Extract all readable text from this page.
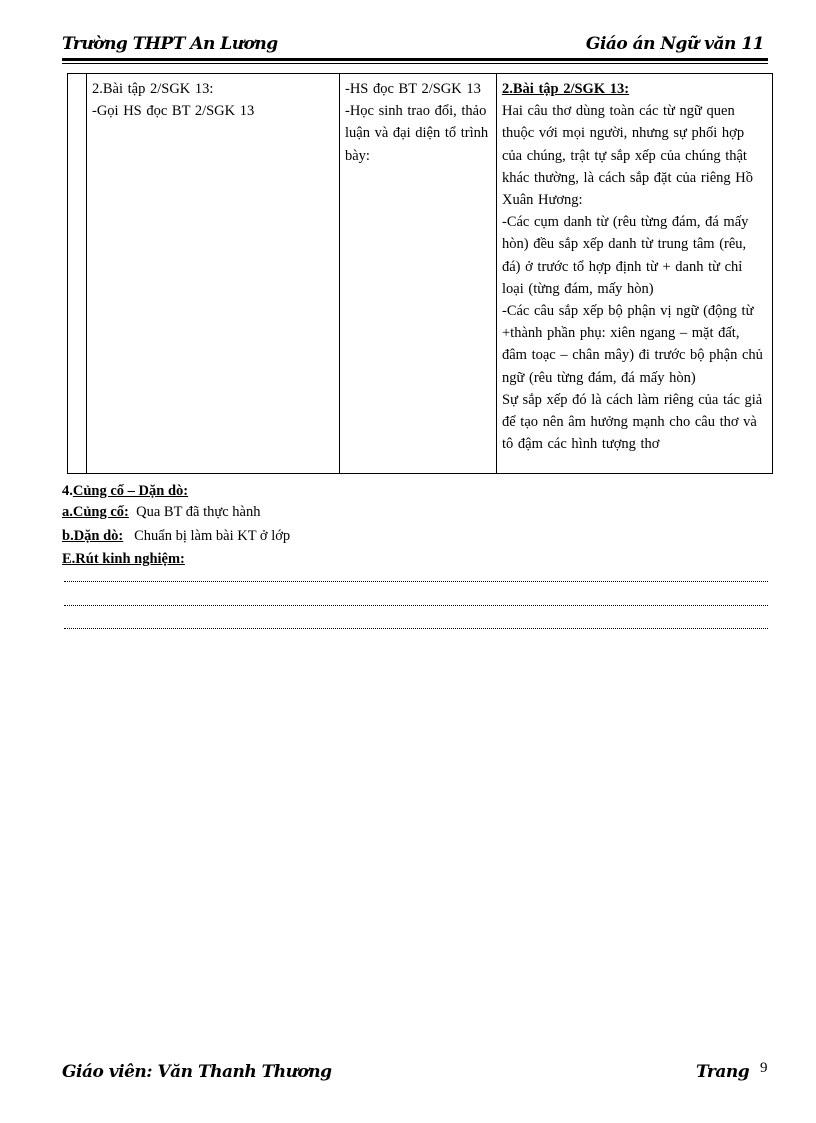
Trường THPT An Lương	Giáo án Ngữ văn 11
2.Bài tập 2/SGK 13:
-Gọi HS đọc BT 2/SGK 13
-HS đọc BT 2/SGK 13
-Học sinh trao đổi, thảo luận và đại diện tổ trình bày:
2.Bài tập 2/SGK 13:
Hai câu thơ dùng toàn các từ ngữ quen thuộc với mọi người, nhưng sự phối hợp của chúng, trật tự sắp xếp của chúng thật khác thường, là cách sắp đặt của riêng Hồ Xuân Hương:
-Các cụm danh từ (rêu từng đám, đá mấy hòn) đều sắp xếp danh từ trung tâm (rêu, đá) ở trước tổ hợp định từ + danh từ chỉ loại (từng đám, mấy hòn)
-Các câu sắp xếp bộ phận vị ngữ (động từ +thành phần phụ: xiên ngang – mặt đất, đâm toạc – chân mây) đi trước bộ phận chủ ngữ (rêu từng đám, đá mấy hòn)
Sự sắp xếp đó là cách làm riêng của tác giả để tạo nên âm hưởng mạnh cho câu thơ và tô đậm các hình tượng thơ
4.Củng cố – Dặn dò:
a.Củng cố: Qua BT đã thực hành
b.Dặn dò: Chuẩn bị làm bài KT ở lớp
E.Rút kinh nghiệm:
Giáo viên: Văn Thanh Thương	Trang 9
